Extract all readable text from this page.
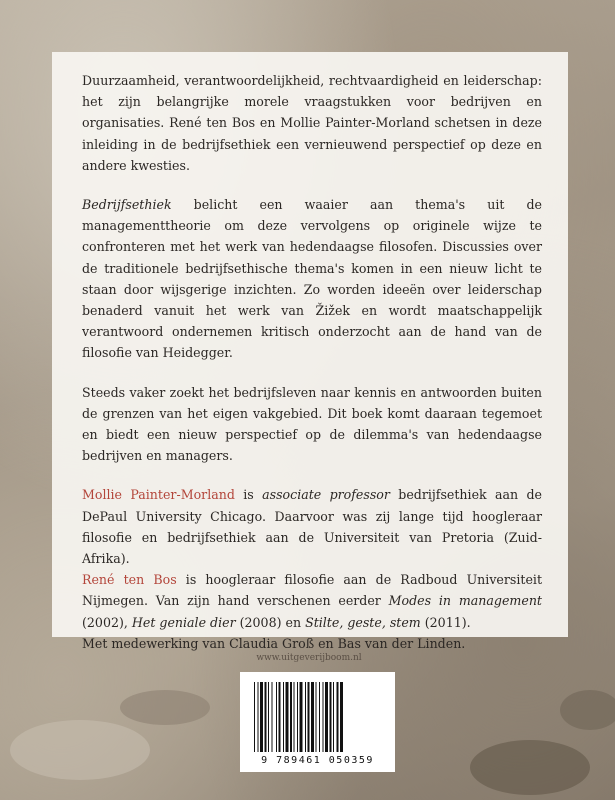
Duurzaamheid, verantwoordelijkheid, rechtvaardigheid en leiderschap: het zijn belangrijke morele vraagstukken voor bedrijven en organisaties. René ten Bos en Mollie Painter-Morland schetsen in deze inleiding in de bedrijfsethiek een vernieuwend perspectief op deze en andere kwesties.

Bedrijfsethiek belicht een waaier aan thema's uit de managementtheorie om deze vervolgens op originele wijze te confronteren met het werk van hedendaagse filosofen. Discussies over de traditionele bedrijfsethische thema's komen in een nieuw licht te staan door wijsgerige inzichten. Zo worden ideeën over leiderschap benaderd vanuit het werk van Žižek en wordt maatschappelijk verantwoord ondernemen kritisch onderzocht aan de hand van de filosofie van Heidegger.

Steeds vaker zoekt het bedrijfsleven naar kennis en antwoorden buiten de grenzen van het eigen vakgebied. Dit boek komt daaraan tegemoet en biedt een nieuw perspectief op de dilemma's van hedendaagse bedrijven en managers.

Mollie Painter-Morland is associate professor bedrijfsethiek aan de DePaul University Chicago. Daarvoor was zij lange tijd hoogleraar filosofie en bedrijfsethiek aan de Universiteit van Pretoria (Zuid-Afrika).

René ten Bos is hoogleraar filosofie aan de Radboud Universiteit Nijmegen. Van zijn hand verschenen eerder Modes in management (2002), Het geniale dier (2008) en Stilte, geste, stem (2011).

Met medewerking van Claudia Groß en Bas van der Linden.

www.uitgeverijboom.nl
9 789461 050359
